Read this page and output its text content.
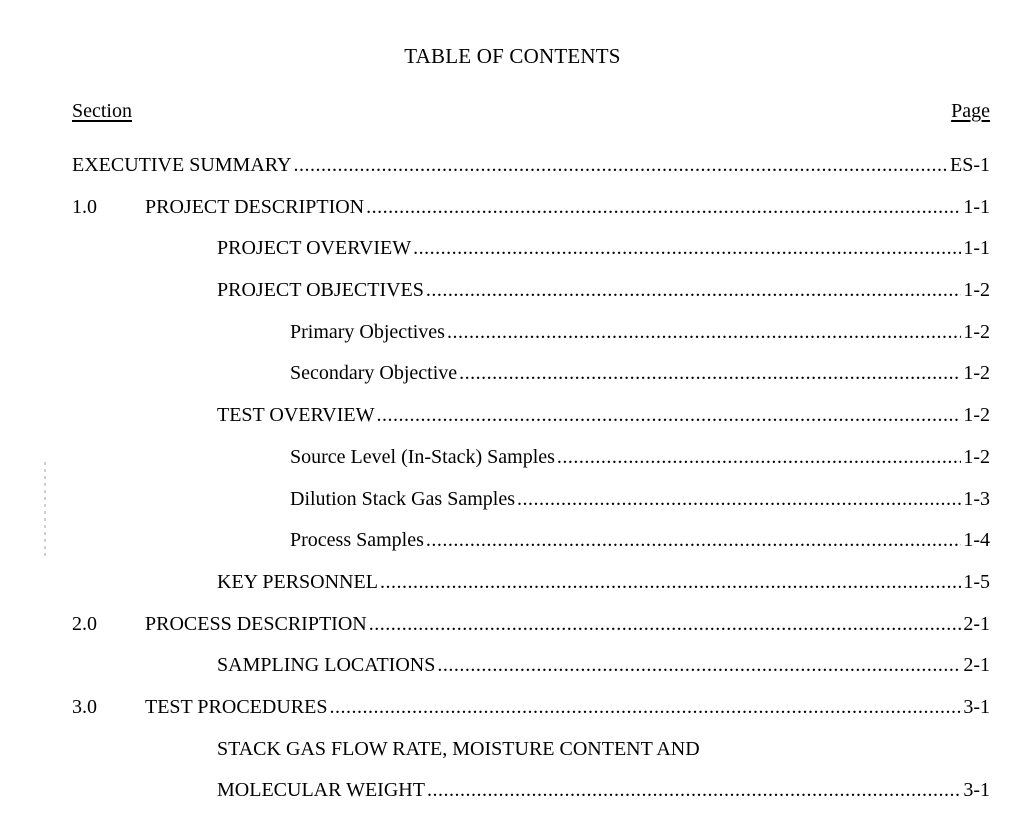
TABLE OF CONTENTS
Section	Page
EXECUTIVE SUMMARY .....	ES-1
1.0 PROJECT DESCRIPTION .....	1-1
PROJECT OVERVIEW .....	1-1
PROJECT OBJECTIVES .....	1-2
Primary Objectives .....	1-2
Secondary Objective .....	1-2
TEST OVERVIEW .....	1-2
Source Level (In-Stack) Samples .....	1-2
Dilution Stack Gas Samples .....	1-3
Process Samples .....	1-4
KEY PERSONNEL .....	1-5
2.0 PROCESS DESCRIPTION .....	2-1
SAMPLING LOCATIONS .....	2-1
3.0 TEST PROCEDURES .....	3-1
STACK GAS FLOW RATE, MOISTURE CONTENT AND
MOLECULAR WEIGHT .....	3-1
